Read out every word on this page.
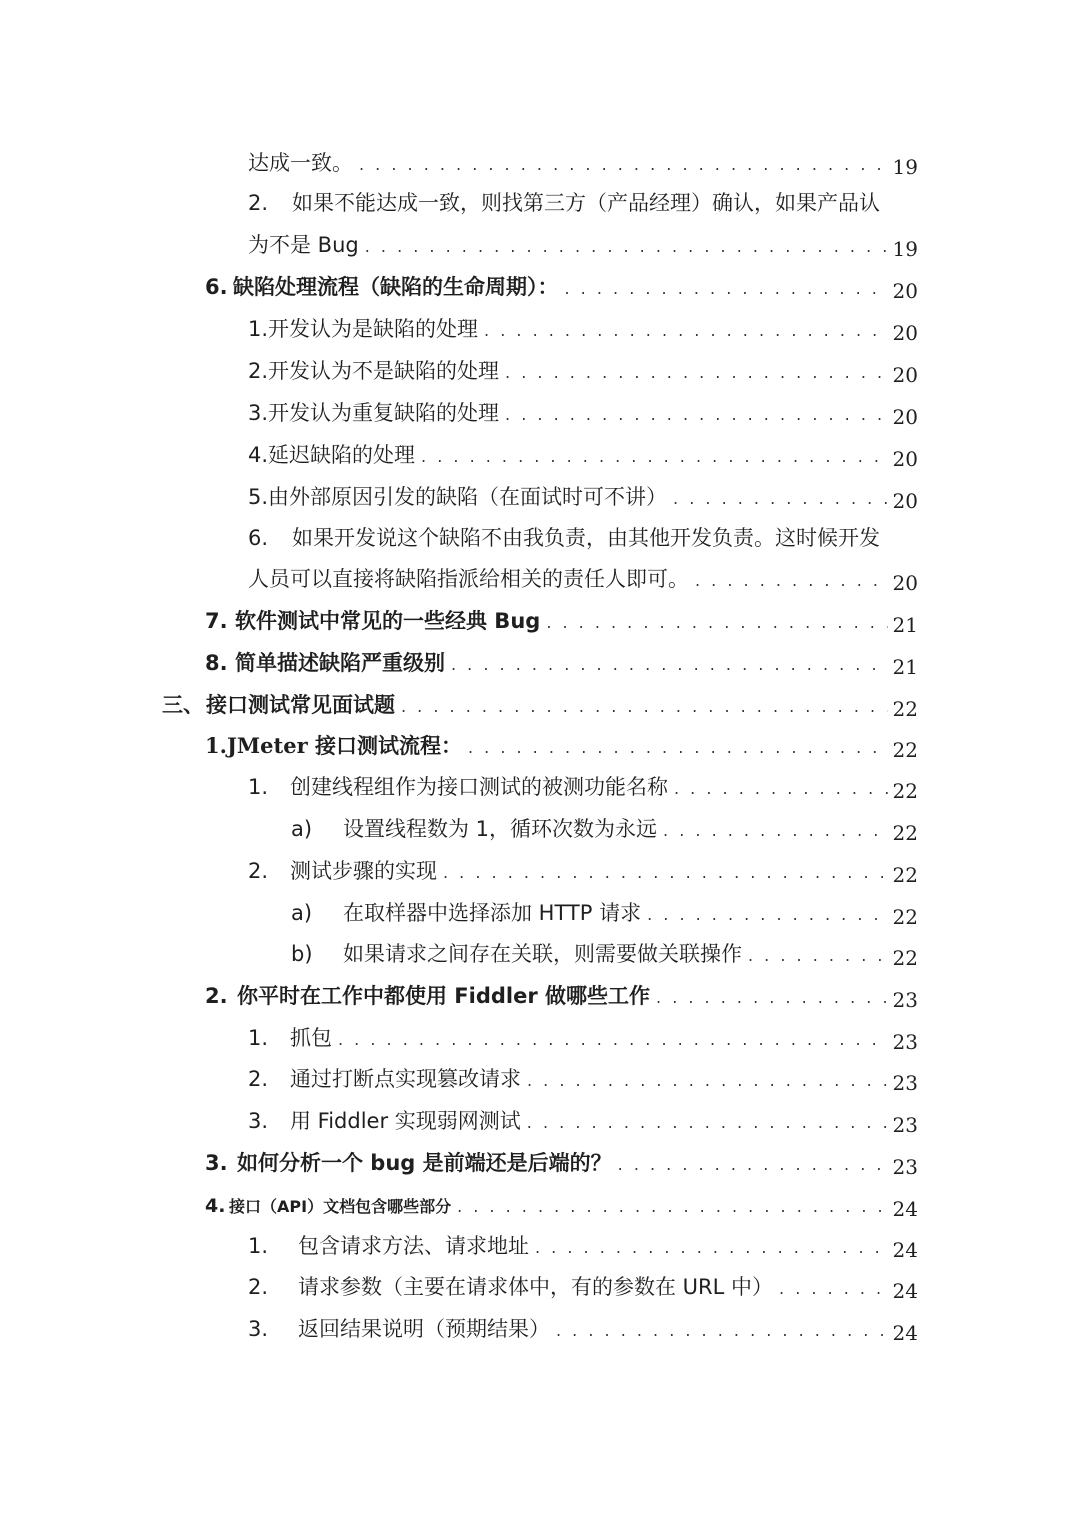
达成一致。 . . .	19
2.	如果不能达成一致，则找第三方（产品经理）确认，如果产品认
为不是 Bug . . .	19
6. 缺陷处理流程（缺陷的生命周期）： . . .	20
1. 开发认为是缺陷的处理 . . .	20
2. 开发认为不是缺陷的处理 . . .	20
3. 开发认为重复缺陷的处理 . . .	20
4. 延迟缺陷的处理 . . .	20
5. 由外部原因引发的缺陷（在面试时可不讲） . . .	20
6.	如果开发说这个缺陷不由我负责，由其他开发负责。这时候开发
人员可以直接将缺陷指派给相关的责任人即可。 . . .	20
7. 软件测试中常见的一些经典 Bug . . .	21
8. 简单描述缺陷严重级别 . . .	21
三、 接口测试常见面试题 . . .	22
1. JMeter 接口测试流程： . . .	22
1.	创建线程组作为接口测试的被测功能名称 . . .	22
a)	设置线程数为 1，循环次数为永远 . . .	22
2.	测试步骤的实现 . . .	22
a)	在取样器中选择添加 HTTP 请求 . . .	22
b)	如果请求之间存在关联，则需要做关联操作 . . .	22
2. 你平时在工作中都使用 Fiddler 做哪些工作 . . .	23
1.	抓包 . . .	23
2.	通过打断点实现篡改请求 . . .	23
3.	用 Fiddler 实现弱网测试 . . .	23
3. 如何分析一个 bug 是前端还是后端的？ . . .	23
4. 接口（API）文档包含哪些部分 . . .	24
1.	包含请求方法、请求地址 . . .	24
2.	请求参数（主要在请求体中，有的参数在 URL 中） . . .	24
3.	返回结果说明（预期结果） . . .	24
